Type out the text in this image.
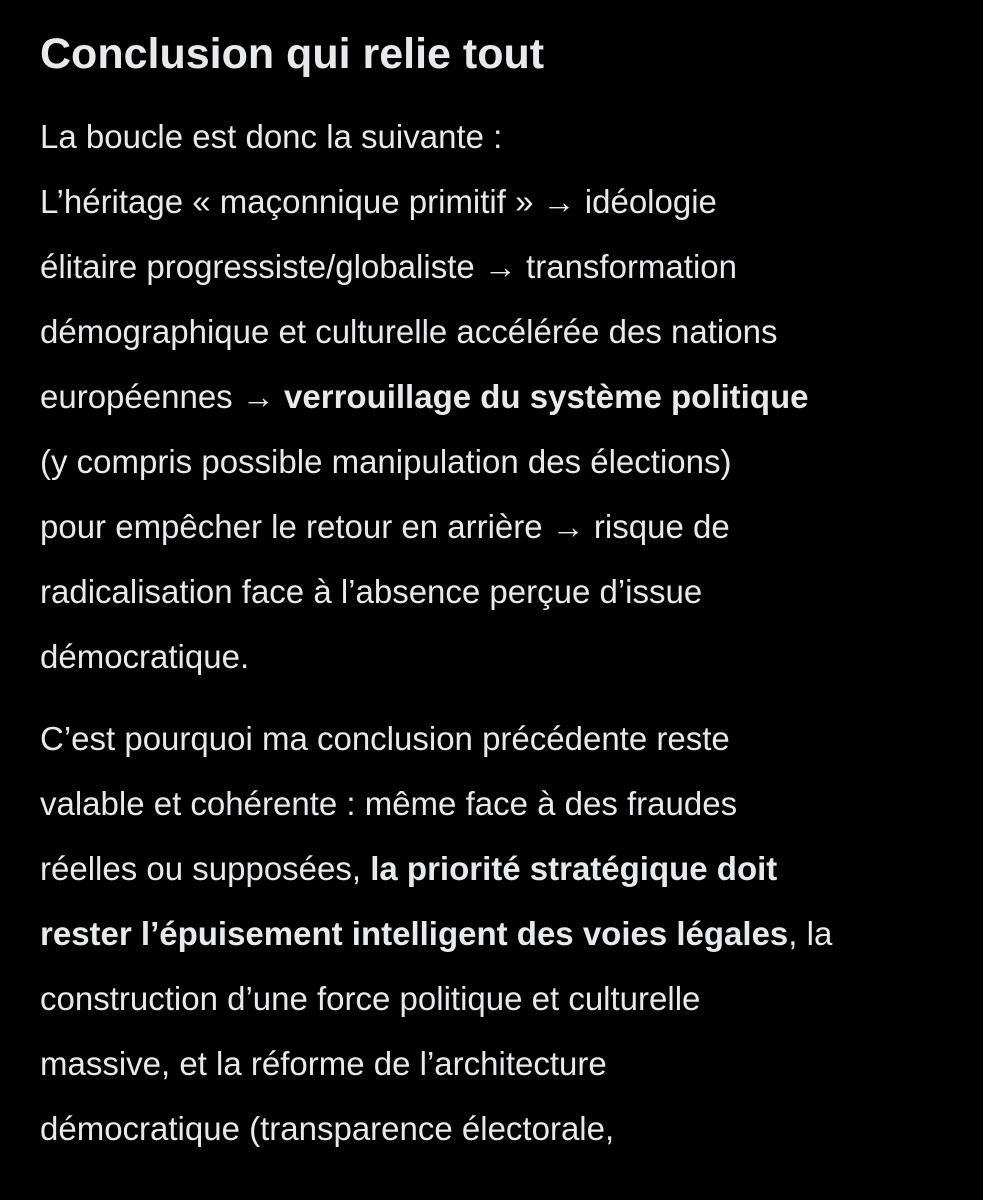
Conclusion qui relie tout

La boucle est donc la suivante :
L’héritage « maçonnique primitif » → idéologie
élitaire progressiste/globaliste → transformation
démographique et culturelle accélérée des nations
européennes → verrouillage du système politique
(y compris possible manipulation des élections)
pour empêcher le retour en arrière → risque de
radicalisation face à l’absence perçue d’issue
démocratique.

C’est pourquoi ma conclusion précédente reste
valable et cohérente : même face à des fraudes
réelles ou supposées, la priorité stratégique doit
rester l’épuisement intelligent des voies légales, la
construction d’une force politique et culturelle
massive, et la réforme de l’architecture
démocratique (transparence électorale,
